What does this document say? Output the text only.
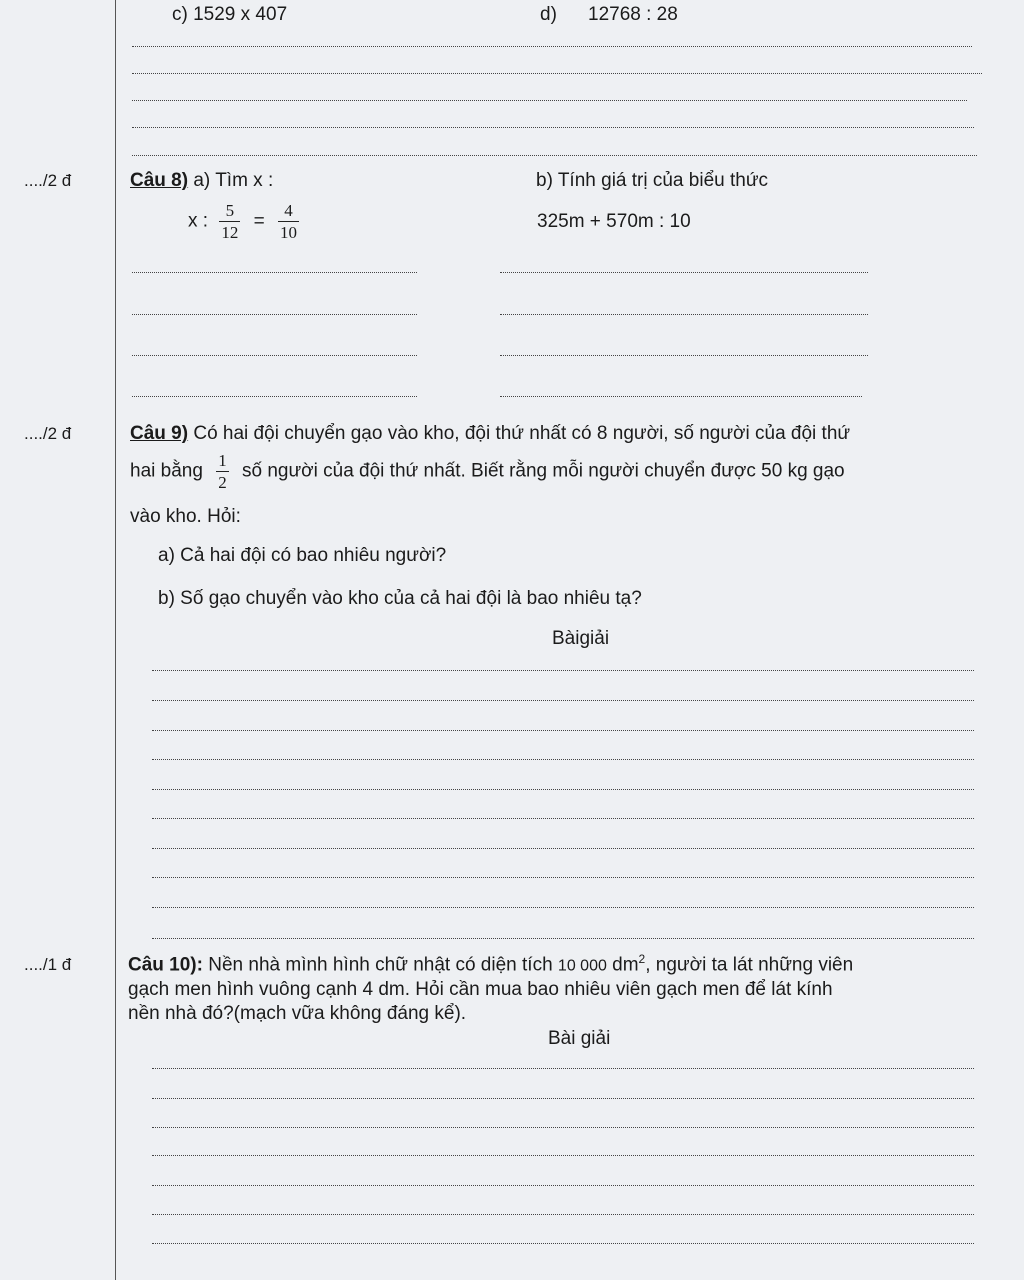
c) 1529 x 407	d) 12768 : 28
..../2 đ	Câu 8) a) Tìm x :	b) Tính giá trị của biểu thức
x : $\frac{5}{12} = \frac{4}{10}$	325m + 570m : 10
..../2 đ	Câu 9) Có hai đội chuyển gạo vào kho, đội thứ nhất có 8 người, số người của đội thứ
hai bằng $\frac{1}{2}$ số người của đội thứ nhất. Biết rằng mỗi người chuyển được 50 kg gạo
vào kho. Hỏi:
a) Cả hai đội có bao nhiêu người?
b) Số gạo chuyển vào kho của cả hai đội là bao nhiêu tạ?
Bàigiải
..../1 đ	Câu 10): Nền nhà mình hình chữ nhật có diện tích 10 000 $dm^2$, người ta lát những viên
gạch men hình vuông cạnh 4 dm. Hỏi cần mua bao nhiêu viên gạch men để lát kính
nền nhà đó?(mạch vữa không đáng kể).
Bài giải
